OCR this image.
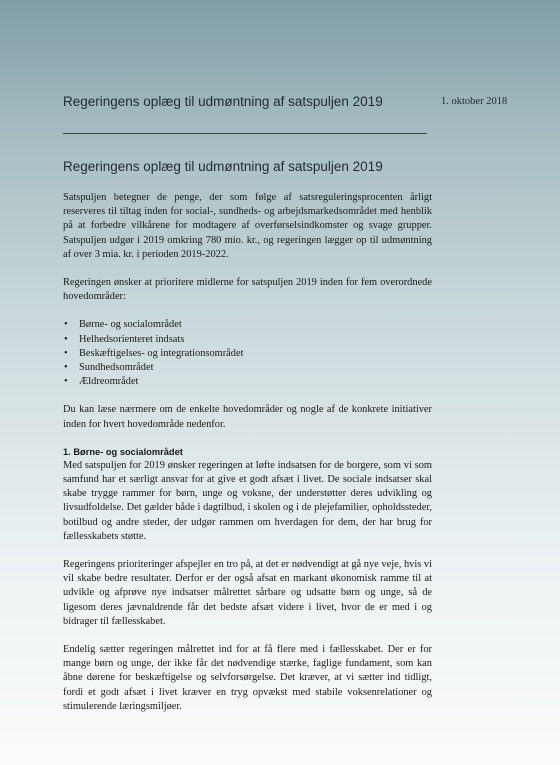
Regeringens oplæg til udmøntning af satspuljen 2019	1. oktober 2018
Regeringens oplæg til udmøntning af satspuljen 2019

Satspuljen betegner de penge, der som følge af satsreguleringsprocenten årligt reserveres til tiltag inden for social-, sundheds- og arbejdsmarkedsområdet med henblik på at forbedre vilkårene for modtagere af overførselsindkomster og svage grupper. Satspuljen udgør i 2019 omkring 780 mio. kr., og regeringen lægger op til udmøntning af over 3 mia. kr. i perioden 2019-2022.

Regeringen ønsker at prioritere midlerne for satspuljen 2019 inden for fem overordnede hovedområder:

• Børne- og socialområdet
• Helhedsorienteret indsats
• Beskæftigelses- og integrationsområdet
• Sundhedsområdet
• Ældreområdet

Du kan læse nærmere om de enkelte hovedområder og nogle af de konkrete initiativer inden for hvert hovedområde nedenfor.

1. Børne- og socialområdet

Med satspuljen for 2019 ønsker regeringen at løfte indsatsen for de borgere, som vi som samfund har et særligt ansvar for at give et godt afsæt i livet. De sociale indsatser skal skabe trygge rammer for børn, unge og voksne, der understøtter deres udvikling og livsudfoldelse. Det gælder både i dagtilbud, i skolen og i de plejefamilier, opholdssteder, botilbud og andre steder, der udgør rammen om hverdagen for dem, der har brug for fællesskabets støtte.

Regeringens prioriteringer afspejler en tro på, at det er nødvendigt at gå nye veje, hvis vi vil skabe bedre resultater. Derfor er der også afsat en markant økonomisk ramme til at udvikle og afprøve nye indsatser målrettet sårbare og udsatte børn og unge, så de ligesom deres jævnaldrende får det bedste afsæt videre i livet, hvor de er med i og bidrager til fællesskabet.

Endelig sætter regeringen målrettet ind for at få flere med i fællesskabet. Der er for mange børn og unge, der ikke får det nødvendige stærke, faglige fundament, som kan åbne dørene for beskæftigelse og selvforsørgelse. Det kræver, at vi sætter ind tidligt, fordi et godt afsæt i livet kræver en tryg opvækst med stabile voksenrelationer og stimulerende læringsmiljøer.
